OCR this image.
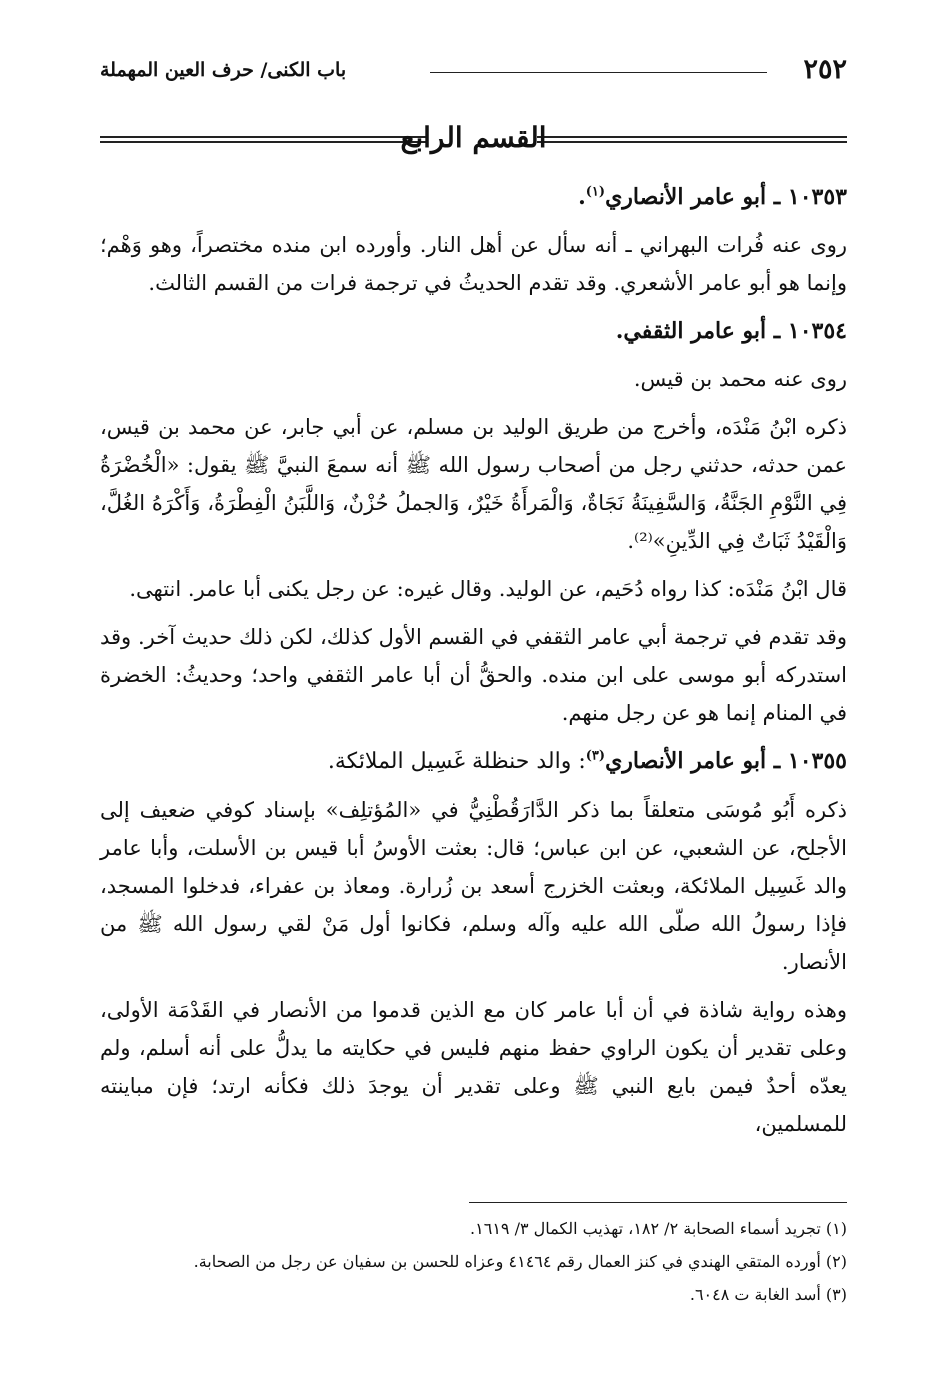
٢٥٢
باب الكنى/ حرف العين المهملة
القسم الرابع
١٠٣٥٣ ـ أبو عامر الأنصاري$^{(١)}$.

روى عنه فُرات البهراني ـ أنه سأل عن أهل النار. وأورده ابن منده مختصراً، وهو وَهْم؛ وإنما هو أبو عامر الأشعري. وقد تقدم الحديثُ في ترجمة فرات من القسم الثالث.

١٠٣٥٤ ـ أبو عامر الثقفي.

روى عنه محمد بن قيس.

ذكره ابْنُ مَنْدَه، وأخرج من طريق الوليد بن مسلم، عن أبي جابر، عن محمد بن قيس، عمن حدثه، حدثني رجل من أصحاب رسول الله ﷺ أنه سمعَ النبيَّ ﷺ يقول: «الْخُضْرَةُ فِي النَّوْمِ الجَنَّةُ، وَالسَّفِينَةُ نَجَاةٌ، وَالْمَرأَةُ خَيْرٌ، وَالجملُ حُزْنٌ، وَاللَّبَنُ الْفِطْرَةُ، وَأَكْرَهُ الغُلَّ، وَالْقَيْدُ ثَبَاتٌ فِي الدِّينِ»⁽²⁾.

قال ابْنُ مَنْدَه: كذا رواه دُحَيم، عن الوليد. وقال غيره: عن رجل يكنى أبا عامر. انتهى.

وقد تقدم في ترجمة أبي عامر الثقفي في القسم الأول كذلك، لكن ذلك حديث آخر. وقد استدركه أبو موسى على ابن منده. والحقُّ أن أبا عامر الثقفي واحد؛ وحديثُ: الخضرة في المنام إنما هو عن رجل منهم.

١٠٣٥٥ ـ أبو عامر الأنصاري$^{(٣)}$: والد حنظلة غَسِيل الملائكة.

ذكره أَبُو مُوسَى متعلقاً بما ذكر الدَّارَقُطْنِيُّ في «المُؤتلِف» بإسناد كوفي ضعيف إلى الأجلح، عن الشعبي، عن ابن عباس؛ قال: بعثت الأوسُ أبا قيس بن الأسلت، وأبا عامر والد غَسِيل الملائكة، وبعثت الخزرج أسعد بن زُرارة. ومعاذ بن عفراء، فدخلوا المسجد، فإذا رسولُ الله صلّى الله عليه وآله وسلم، فكانوا أول مَنْ لقي رسول الله ﷺ من الأنصار.

وهذه رواية شاذة في أن أبا عامر كان مع الذين قدموا من الأنصار في القَدْمَة الأولى، وعلى تقدير أن يكون الراوي حفظ منهم فليس في حكايته ما يدلُّ على أنه أسلم، ولم يعدّه أحدٌ فيمن بايع النبي ﷺ وعلى تقدير أن يوجدَ ذلك فكأنه ارتد؛ فإن مباينته للمسلمين،

(١) تجريد أسماء الصحابة ٢/ ١٨٢، تهذيب الكمال ٣/ ١٦١٩.
(٢) أورده المتقي الهندي في كنز العمال رقم ٤١٤٦٤ وعزاه للحسن بن سفيان عن رجل من الصحابة.
(٣) أسد الغابة ت ٦٠٤٨.
